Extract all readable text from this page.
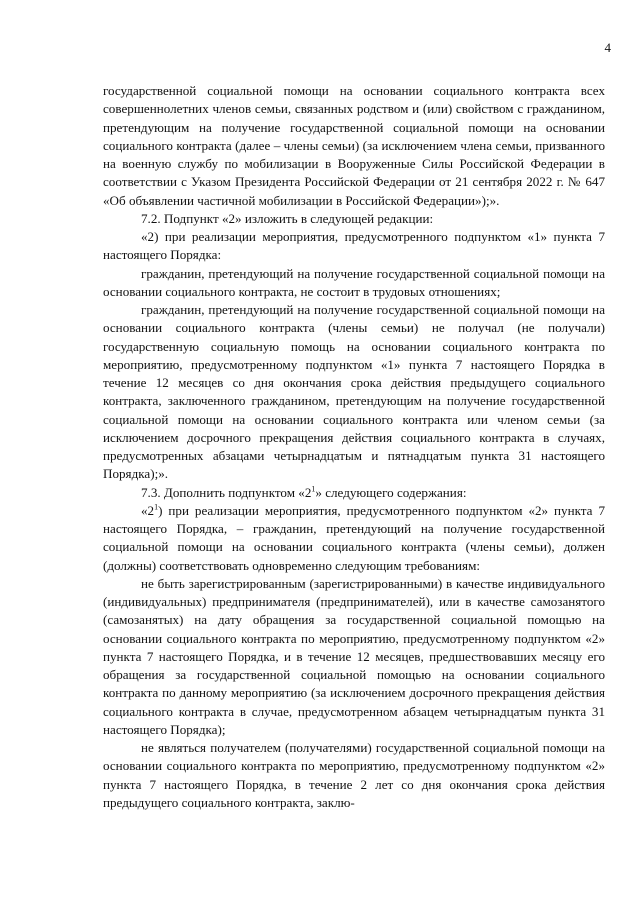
4

государственной социальной помощи на основании социального контракта всех совершеннолетних членов семьи, связанных родством и (или) свойством с гражданином, претендующим на получение государственной социальной помощи на основании социального контракта (далее – члены семьи) (за исключением члена семьи, призванного на военную службу по мобилизации в Вооруженные Силы Российской Федерации в соответствии с Указом Президента Российской Федерации от 21 сентября 2022 г. № 647 «Об объявлении частичной мобилизации в Российской Федерации»);».

7.2. Подпункт «2» изложить в следующей редакции:

«2) при реализации мероприятия, предусмотренного подпунктом «1» пункта 7 настоящего Порядка:

гражданин, претендующий на получение государственной социальной помощи на основании социального контракта, не состоит в трудовых отношениях;

гражданин, претендующий на получение государственной социальной помощи на основании социального контракта (члены семьи) не получал (не получали) государственную социальную помощь на основании социального контракта по мероприятию, предусмотренному подпунктом «1» пункта 7 настоящего Порядка в течение 12 месяцев со дня окончания срока действия предыдущего социального контракта, заключенного гражданином, претендующим на получение государственной социальной помощи на основании социального контракта или членом семьи (за исключением досрочного прекращения действия социального контракта в случаях, предусмотренных абзацами четырнадцатым и пятнадцатым пункта 31 настоящего Порядка);».

7.3. Дополнить подпунктом «$2^1$» следующего содержания:

«$2^1$) при реализации мероприятия, предусмотренного подпунктом «2» пункта 7 настоящего Порядка, – гражданин, претендующий на получение государственной социальной помощи на основании социального контракта (члены семьи), должен (должны) соответствовать одновременно следующим требованиям:

не быть зарегистрированным (зарегистрированными) в качестве индивидуального (индивидуальных) предпринимателя (предпринимателей), или в качестве самозанятого (самозанятых) на дату обращения за государственной социальной помощью на основании социального контракта по мероприятию, предусмотренному подпунктом «2» пункта 7 настоящего Порядка, и в течение 12 месяцев, предшествовавших месяцу его обращения за государственной социальной помощью на основании социального контракта по данному мероприятию (за исключением досрочного прекращения действия социального контракта в случае, предусмотренном абзацем четырнадцатым пункта 31 настоящего Порядка);

не являться получателем (получателями) государственной социальной помощи на основании социального контракта по мероприятию, предусмотренному подпунктом «2» пункта 7 настоящего Порядка, в течение 2 лет со дня окончания срока действия предыдущего социального контракта, заклю-
